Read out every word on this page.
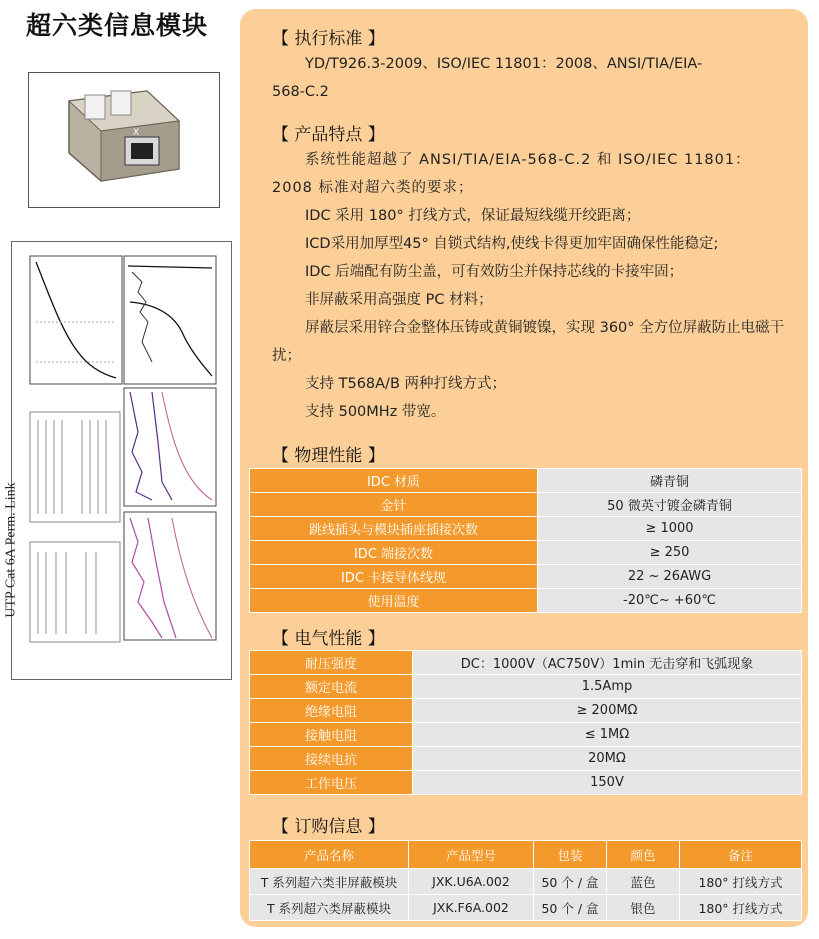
超六类信息模块
X
UTP Cat 6A Perm. Link
【 执行标准 】

YD/T926.3-2009、ISO/IEC 11801：2008、ANSI/TIA/EIA-

568-C.2

【 产品特点 】

系统性能超越了 ANSI/TIA/EIA-568-C.2 和 ISO/IEC 11801：2008 标准对超六类的要求；

IDC 采用 180° 打线方式，保证最短线缆开绞距离；

ICD采用加厚型45° 自锁式结构,使线卡得更加牢固确保性能稳定;

IDC 后端配有防尘盖，可有效防尘并保持芯线的卡接牢固；

非屏蔽采用高强度 PC 材料；

屏蔽层采用锌合金整体压铸或黄铜镀镍，实现 360° 全方位屏蔽防止电磁干扰；

支持 T568A/B 两种打线方式；

支持 500MHz 带宽。

【 物理性能 】
IDC 材质	磷青铜
金针	50 微英寸镀金磷青铜
跳线插头与模块插座插接次数	≥ 1000
IDC 端接次数	≥ 250
IDC 卡接导体线规	22 ~ 26AWG
使用温度	-20℃~ +60℃
【 电气性能 】
耐压强度	DC：1000V（AC750V）1min 无击穿和飞弧现象
额定电流	1.5Amp
绝缘电阻	≥ 200MΩ
接触电阻	≤ 1MΩ
接续电抗	20MΩ
工作电压	150V
【 订购信息 】
产品名称	产品型号	包装	颜色	备注
T 系列超六类非屏蔽模块	JXK.U6A.002	50 个 / 盒	蓝色	180° 打线方式
T 系列超六类屏蔽模块	JXK.F6A.002	50 个 / 盒	银色	180° 打线方式
